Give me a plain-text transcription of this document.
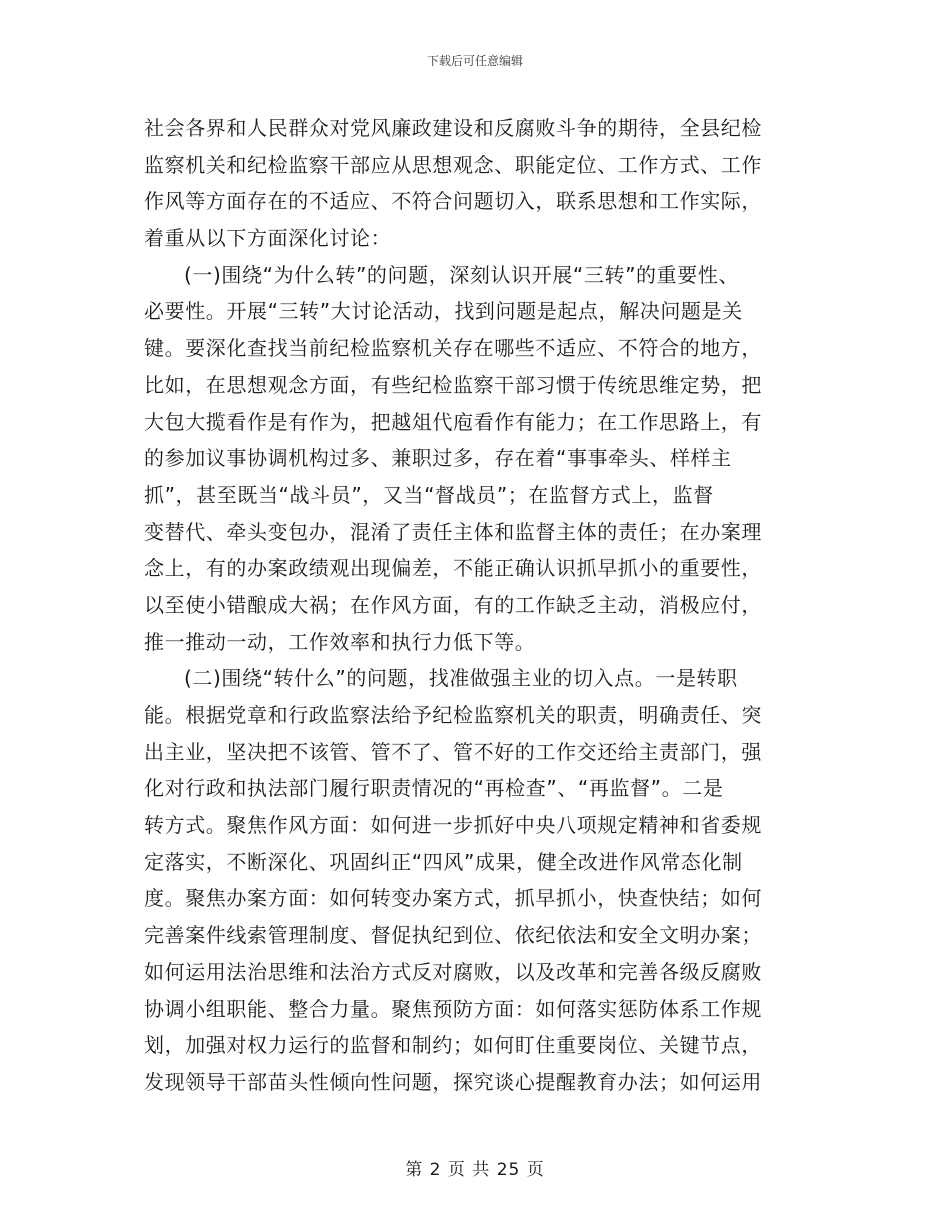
下载后可任意编辑
社会各界和人民群众对党风廉政建设和反腐败斗争的期待，全县纪检
监察机关和纪检监察干部应从思想观念、职能定位、工作方式、工作
作风等方面存在的不适应、不符合问题切入，联系思想和工作实际，
着重从以下方面深化讨论：
(一)围绕“为什么转”的问题，深刻认识开展“三转”的重要性、
必要性。开展“三转”大讨论活动，找到问题是起点，解决问题是关
键。要深化查找当前纪检监察机关存在哪些不适应、不符合的地方，
比如，在思想观念方面，有些纪检监察干部习惯于传统思维定势，把
大包大揽看作是有作为，把越俎代庖看作有能力；在工作思路上，有
的参加议事协调机构过多、兼职过多，存在着“事事牵头、样样主
抓”，甚至既当“战斗员”，又当“督战员”；在监督方式上，监督
变替代、牵头变包办，混淆了责任主体和监督主体的责任；在办案理
念上，有的办案政绩观出现偏差，不能正确认识抓早抓小的重要性，
以至使小错酿成大祸；在作风方面，有的工作缺乏主动，消极应付，
推一推动一动，工作效率和执行力低下等。
(二)围绕“转什么”的问题，找准做强主业的切入点。一是转职
能。根据党章和行政监察法给予纪检监察机关的职责，明确责任、突
出主业，坚决把不该管、管不了、管不好的工作交还给主责部门，强
化对行政和执法部门履行职责情况的“再检查”、“再监督”。二是
转方式。聚焦作风方面：如何进一步抓好中央八项规定精神和省委规
定落实，不断深化、巩固纠正“四风”成果，健全改进作风常态化制
度。聚焦办案方面：如何转变办案方式，抓早抓小，快查快结；如何
完善案件线索管理制度、督促执纪到位、依纪依法和安全文明办案；
如何运用法治思维和法治方式反对腐败，以及改革和完善各级反腐败
协调小组职能、整合力量。聚焦预防方面：如何落实惩防体系工作规
划，加强对权力运行的监督和制约；如何盯住重要岗位、关键节点，
发现领导干部苗头性倾向性问题，探究谈心提醒教育办法；如何运用
第 2 页 共 25 页
